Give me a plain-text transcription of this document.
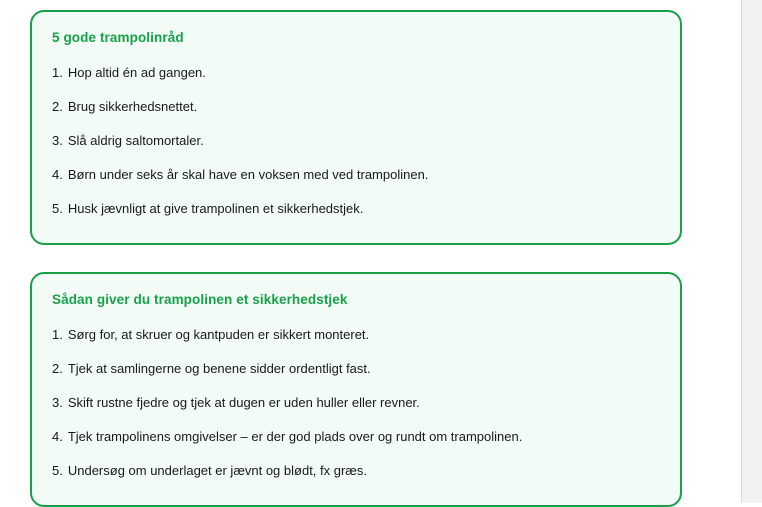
5 gode trampolinråd
1. Hop altid én ad gangen.
2. Brug sikkerhedsnettet.
3. Slå aldrig saltomortaler.
4. Børn under seks år skal have en voksen med ved trampolinen.
5. Husk jævnligt at give trampolinen et sikkerhedstjek.
Sådan giver du trampolinen et sikkerhedstjek
1. Sørg for, at skruer og kantpuden er sikkert monteret.
2. Tjek at samlingerne og benene sidder ordentligt fast.
3. Skift rustne fjedre og tjek at dugen er uden huller eller revner.
4. Tjek trampolinens omgivelser – er der god plads over og rundt om trampolinen.
5. Undersøg om underlaget er jævnt og blødt, fx græs.
